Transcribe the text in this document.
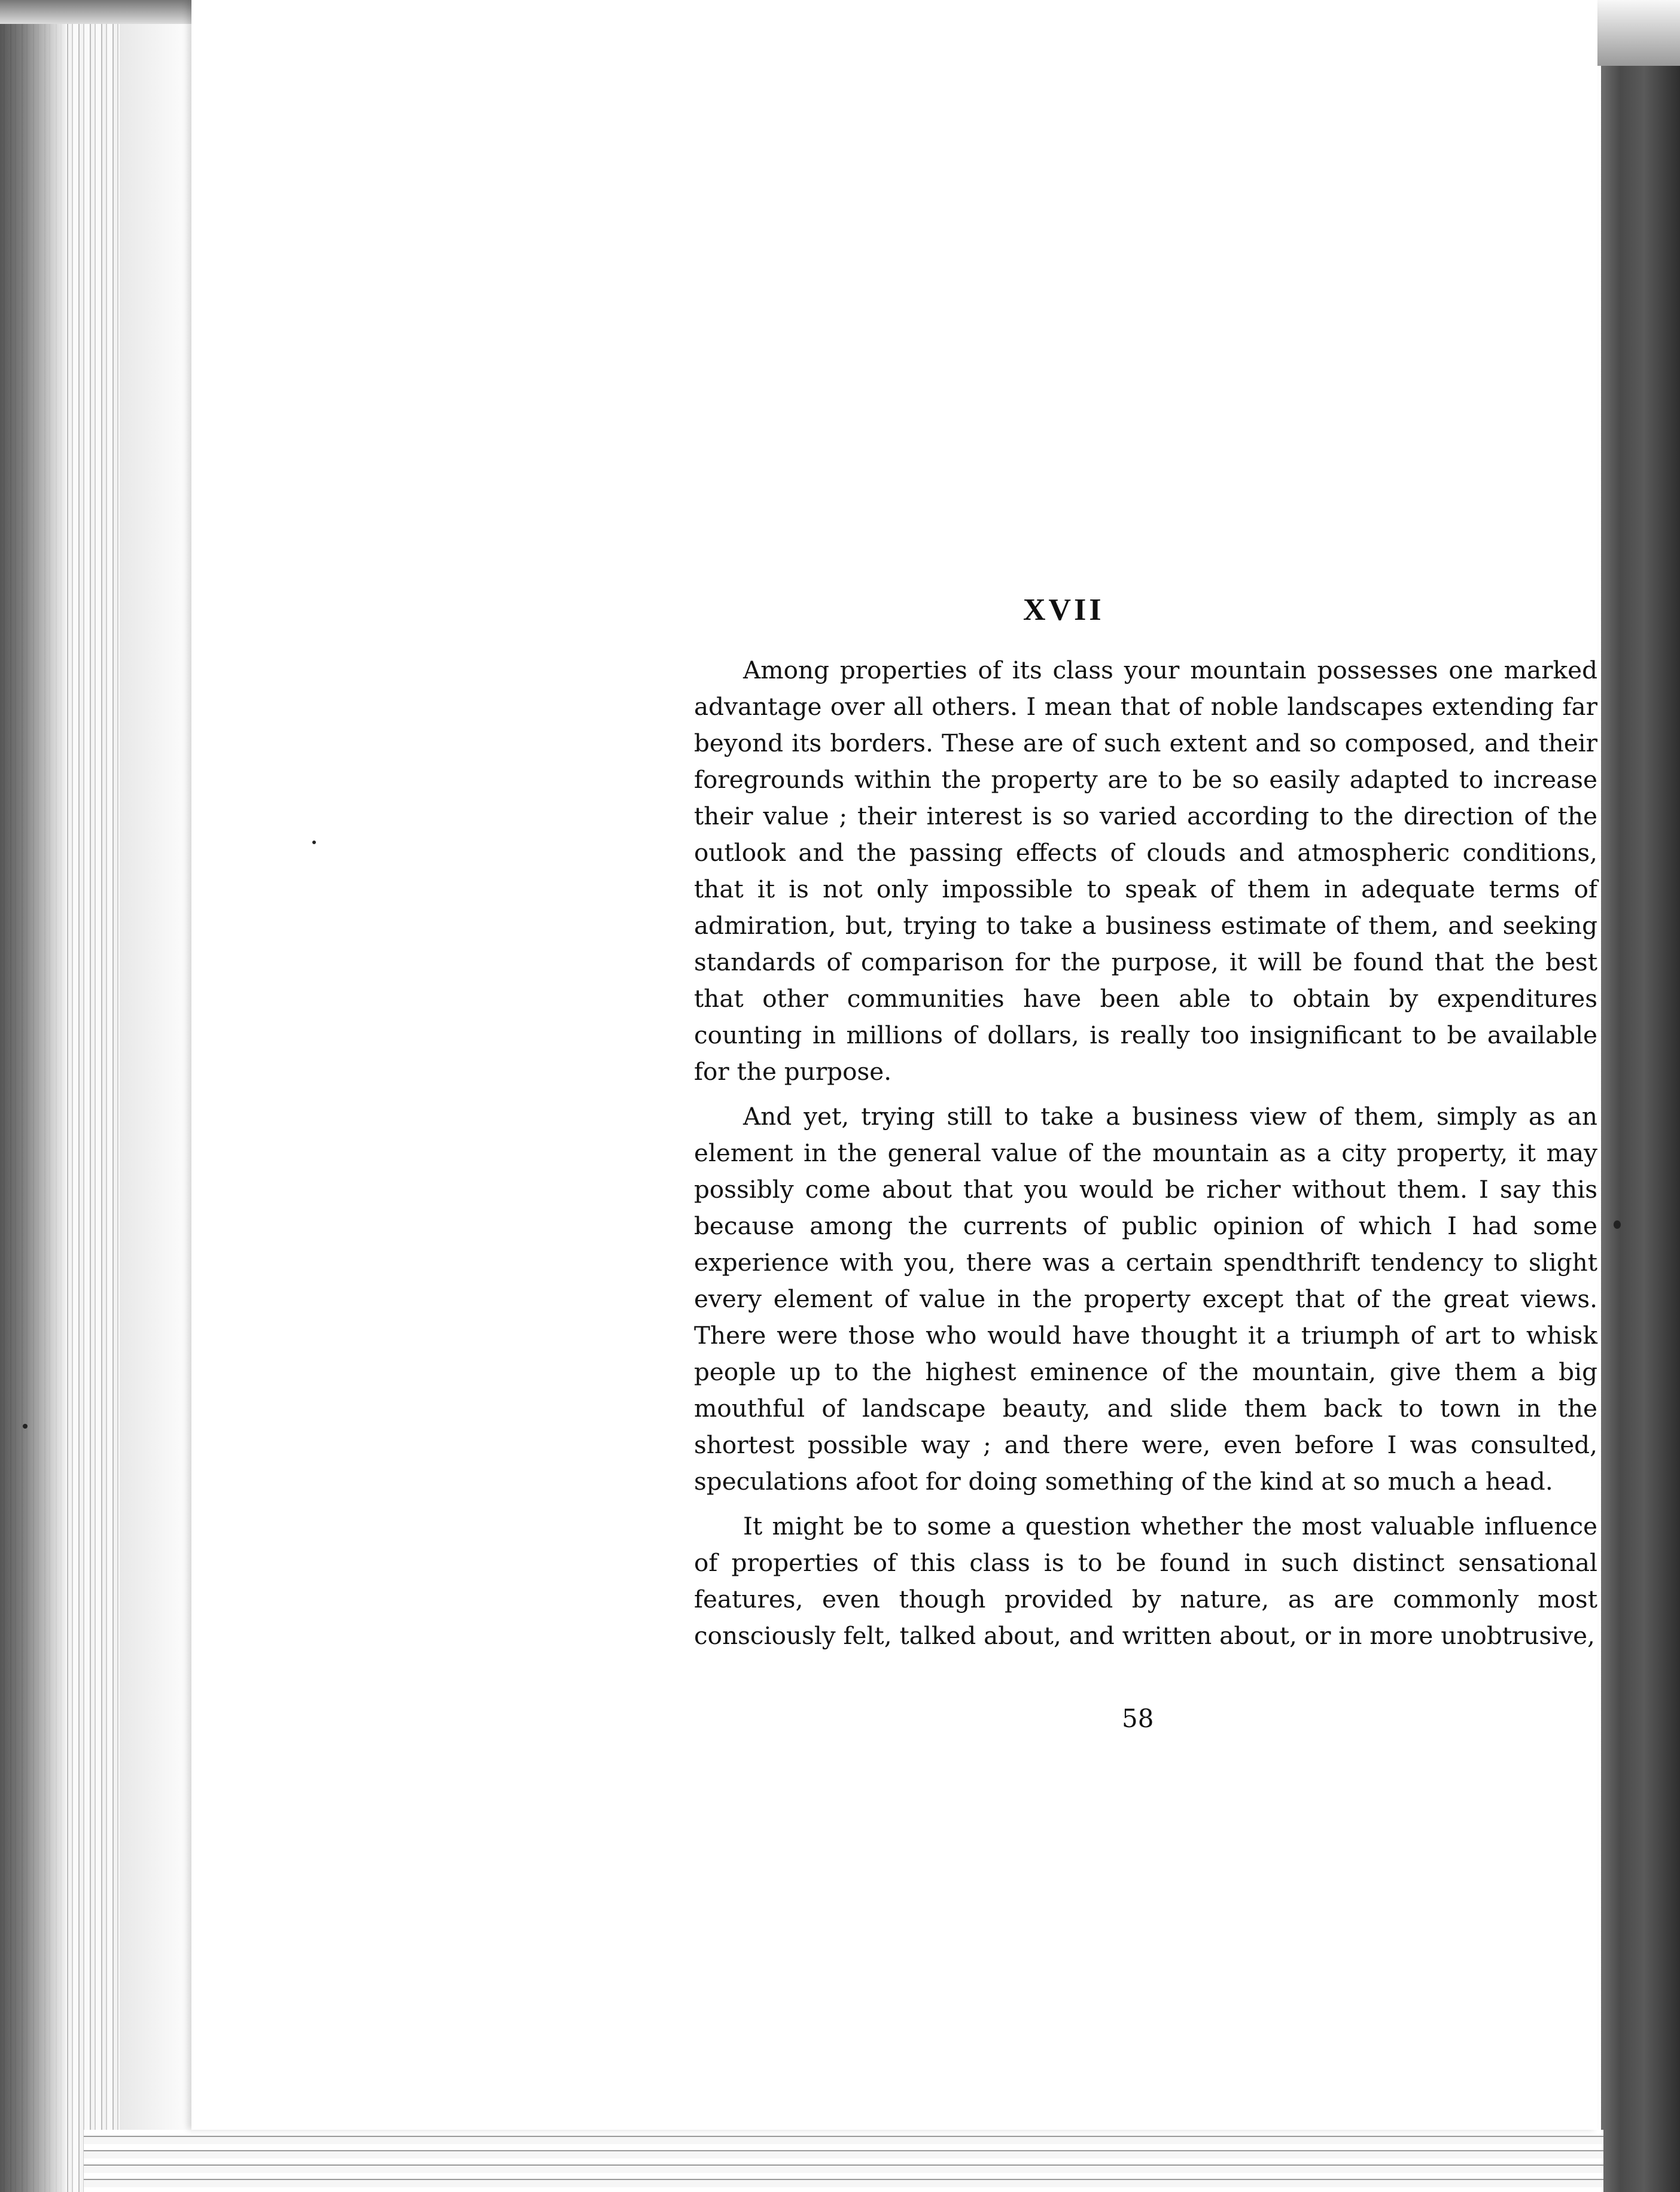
XVII

Among properties of its class your mountain possesses one marked advantage over all others. I mean that of noble landscapes extending far beyond its borders. These are of such extent and so composed, and their foregrounds within the property are to be so easily adapted to increase their value ; their interest is so varied according to the direction of the outlook and the passing effects of clouds and atmospheric conditions, that it is not only impossible to speak of them in adequate terms of admiration, but, trying to take a business estimate of them, and seeking standards of comparison for the purpose, it will be found that the best that other communities have been able to obtain by expenditures counting in millions of dollars, is really too insignificant to be available for the purpose.

And yet, trying still to take a business view of them, simply as an element in the general value of the mountain as a city property, it may possibly come about that you would be richer without them. I say this because among the currents of public opinion of which I had some experience with you, there was a certain spendthrift tendency to slight every element of value in the property except that of the great views. There were those who would have thought it a triumph of art to whisk people up to the highest eminence of the mountain, give them a big mouthful of landscape beauty, and slide them back to town in the shortest possible way ; and there were, even before I was consulted, speculations afoot for doing something of the kind at so much a head.

It might be to some a question whether the most valuable influence of properties of this class is to be found in such distinct sensational features, even though provided by nature, as are commonly most consciously felt, talked about, and written about, or in more unobtrusive,

58
